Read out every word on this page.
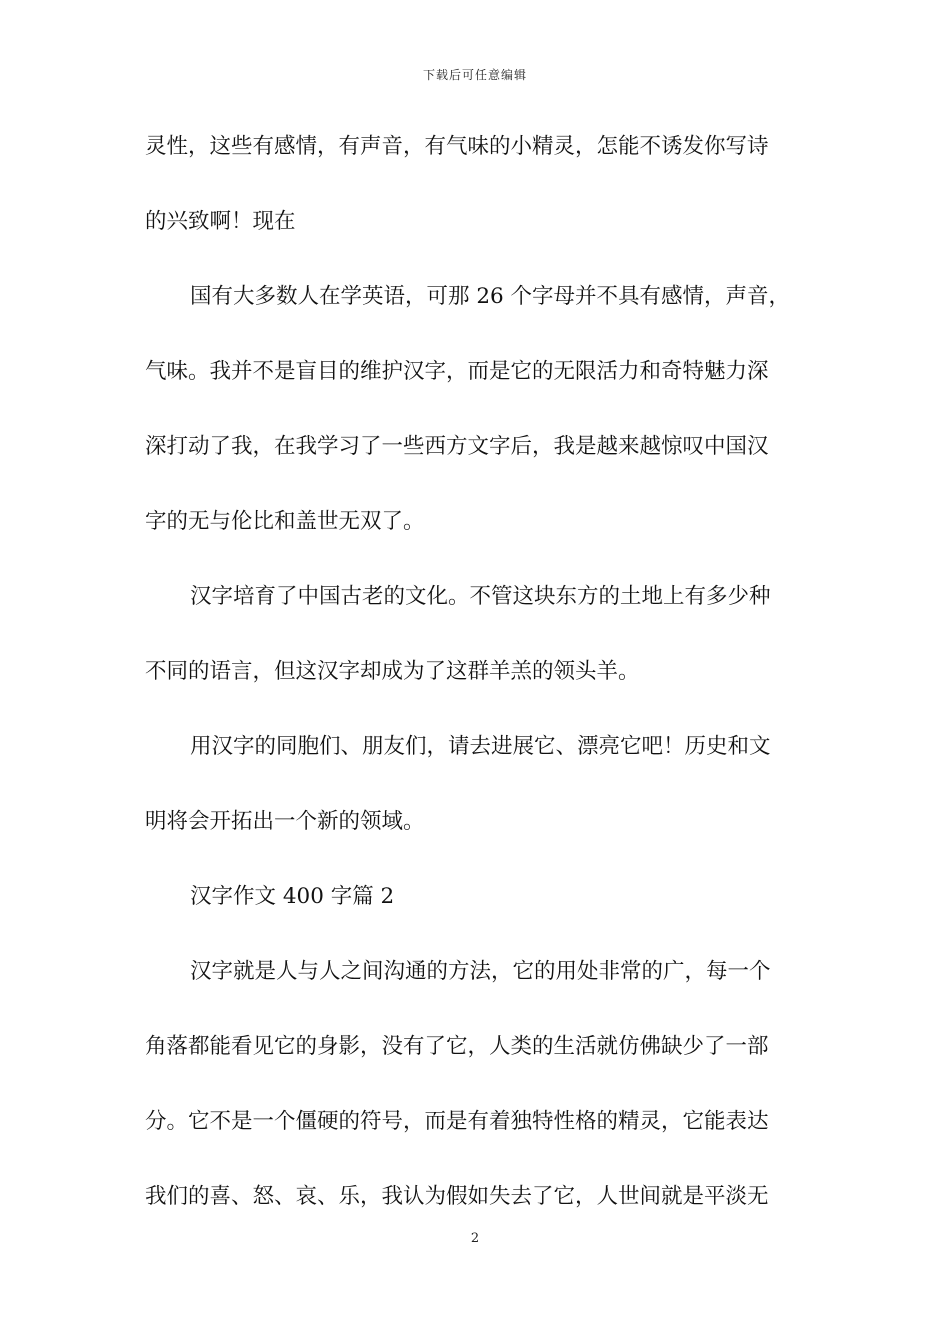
下载后可任意编辑
灵性，这些有感情，有声音，有气味的小精灵，怎能不诱发你写诗
的兴致啊！现在
国有大多数人在学英语，可那 26 个字母并不具有感情，声音，
气味。我并不是盲目的维护汉字，而是它的无限活力和奇特魅力深
深打动了我，在我学习了一些西方文字后，我是越来越惊叹中国汉
字的无与伦比和盖世无双了。
汉字培育了中国古老的文化。不管这块东方的土地上有多少种
不同的语言，但这汉字却成为了这群羊羔的领头羊。
用汉字的同胞们、朋友们，请去进展它、漂亮它吧！历史和文
明将会开拓出一个新的领域。
汉字作文 400 字篇 2
汉字就是人与人之间沟通的方法，它的用处非常的广，每一个
角落都能看见它的身影，没有了它，人类的生活就仿佛缺少了一部
分。它不是一个僵硬的符号，而是有着独特性格的精灵，它能表达
我们的喜、怒、哀、乐，我认为假如失去了它，人世间就是平淡无
2
